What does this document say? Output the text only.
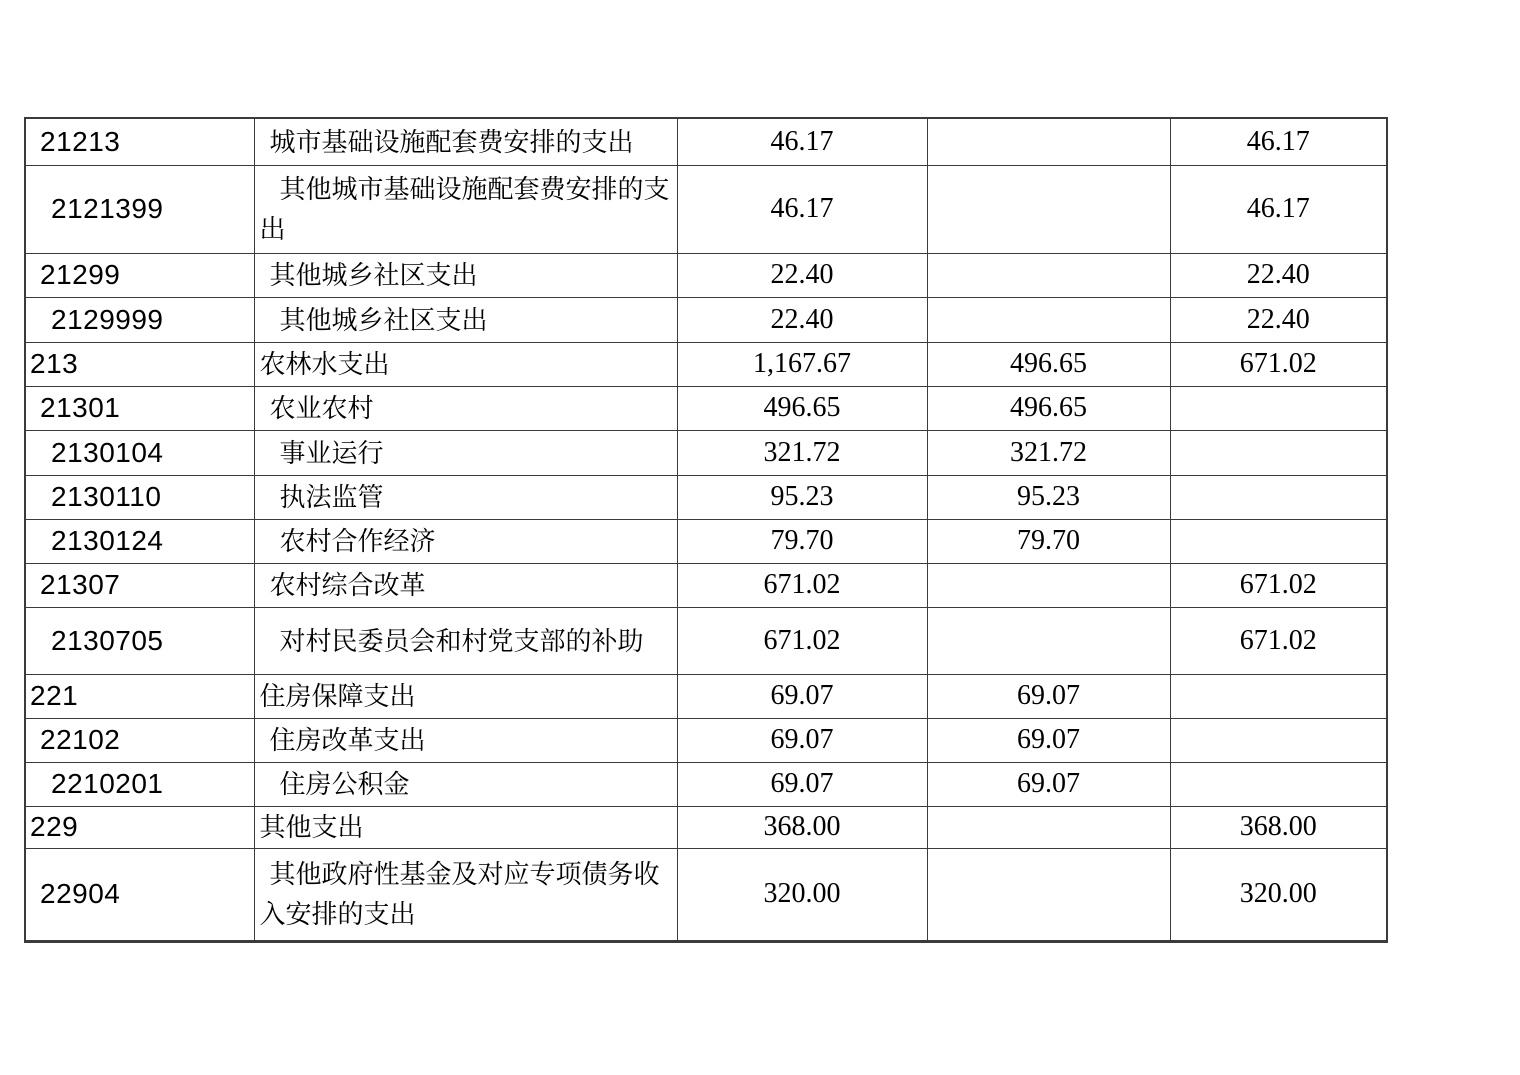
21213	城市基础设施配套费安排的支出	46.17		46.17
2121399	其他城市基础设施配套费安排的支出	46.17		46.17
21299	其他城乡社区支出	22.40		22.40
2129999	其他城乡社区支出	22.40		22.40
213	农林水支出	1,167.67	496.65	671.02
21301	农业农村	496.65	496.65	
2130104	事业运行	321.72	321.72	
2130110	执法监管	95.23	95.23	
2130124	农村合作经济	79.70	79.70	
21307	农村综合改革	671.02		671.02
2130705	对村民委员会和村党支部的补助	671.02		671.02
221	住房保障支出	69.07	69.07	
22102	住房改革支出	69.07	69.07	
2210201	住房公积金	69.07	69.07	
229	其他支出	368.00		368.00
22904	其他政府性基金及对应专项债务收入安排的支出	320.00		320.00
